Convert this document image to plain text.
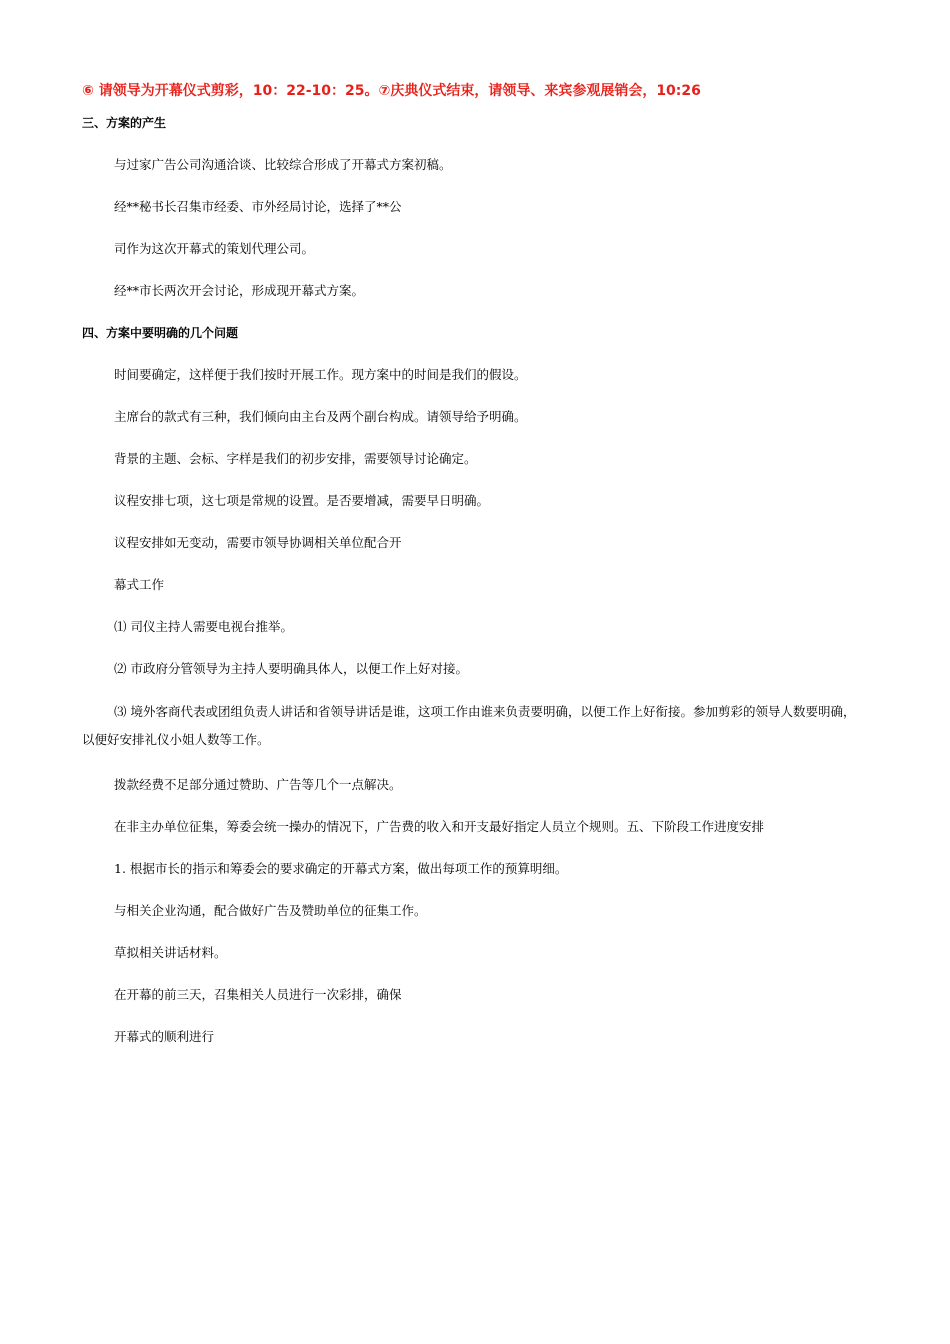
⑥ 请领导为开幕仪式剪彩，10：22-10：25。⑦庆典仪式结束，请领导、来宾参观展销会，10:26
三、方案的产生
与过家广告公司沟通洽谈、比较综合形成了开幕式方案初稿。
经**秘书长召集市经委、市外经局讨论，选择了**公
司作为这次开幕式的策划代理公司。
经**市长两次开会讨论，形成现开幕式方案。
四、方案中要明确的几个问题
时间要确定，这样便于我们按时开展工作。现方案中的时间是我们的假设。
主席台的款式有三种，我们倾向由主台及两个副台构成。请领导给予明确。
背景的主题、会标、字样是我们的初步安排，需要领导讨论确定。
议程安排七项，这七项是常规的设置。是否要增减，需要早日明确。
议程安排如无变动，需要市领导协调相关单位配合开
幕式工作
⑴ 司仪主持人需要电视台推举。
⑵ 市政府分管领导为主持人要明确具体人，以便工作上好对接。
⑶ 境外客商代表或团组负责人讲话和省领导讲话是谁，这项工作由谁来负责要明确，以便工作上好衔接。参加剪彩的领导人数要明确，以便好安排礼仪小姐人数等工作。
拨款经费不足部分通过赞助、广告等几个一点解决。
在非主办单位征集，筹委会统一操办的情况下，广告费的收入和开支最好指定人员立个规则。五、下阶段工作进度安排
1. 根据市长的指示和筹委会的要求确定的开幕式方案，做出每项工作的预算明细。
与相关企业沟通，配合做好广告及赞助单位的征集工作。
草拟相关讲话材料。
在开幕的前三天，召集相关人员进行一次彩排，确保
开幕式的顺利进行
